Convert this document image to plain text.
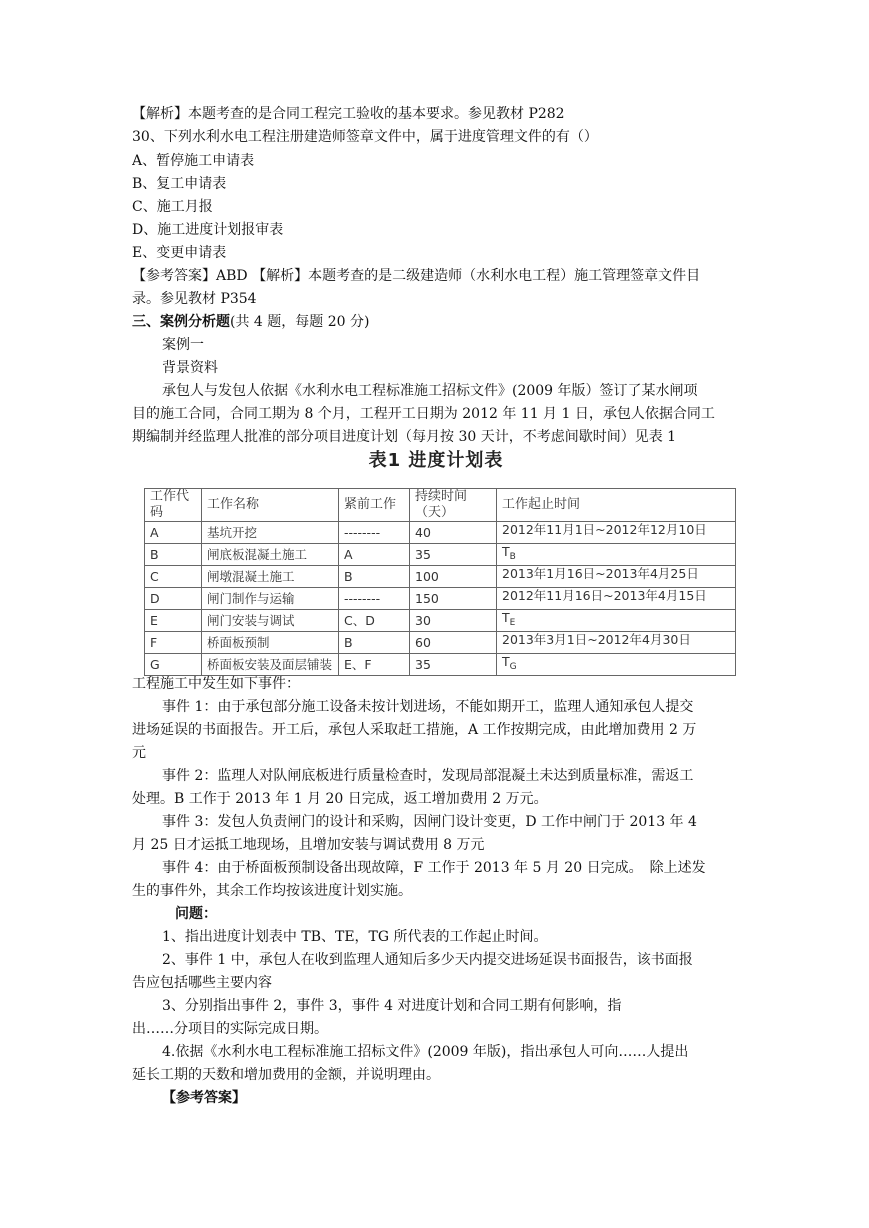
【解析】本题考查的是合同工程完工验收的基本要求。参见教材 P282
30、下列水利水电工程注册建造师签章文件中，属于进度管理文件的有（）
A、暂停施工申请表
B、复工申请表
C、施工月报
D、施工进度计划报审表
E、变更申请表
【参考答案】ABD 【解析】本题考查的是二级建造师（水利水电工程）施工管理签章文件目
录。参见教材 P354
三、案例分析题(共 4 题，每题 20 分)
案例一
背景资料
承包人与发包人依据《水利水电工程标准施工招标文件》(2009 年版）签订了某水闸项
目的施工合同，合同工期为 8 个月，工程开工日期为 2012 年 11 月 1 日，承包人依据合同工
期编制并经监理人批准的部分项目进度计划（每月按 30 天计，不考虑间歇时间）见表 1
表1 进度计划表
工作代码	工作名称	紧前工作	持续时间（天）	工作起止时间
A	基坑开挖	--------	40	2012年11月1日~2012年12月10日
B	闸底板混凝土施工	A	35	$T_B$
C	闸墩混凝土施工	B	100	2013年1月16日~2013年4月25日
D	闸门制作与运输	--------	150	2012年11月16日~2013年4月15日
E	闸门安装与调试	C、D	30	$T_E$
F	桥面板预制	B	60	2013年3月1日~2012年4月30日
G	桥面板安装及面层铺装	E、F	35	$T_G$
工程施工中发生如下事件：
事件 1：由于承包部分施工设备未按计划进场，不能如期开工，监理人通知承包人提交
进场延误的书面报告。开工后，承包人采取赶工措施，A 工作按期完成，由此增加费用 2 万
元
事件 2：监理人对队闸底板进行质量检查时，发现局部混凝土未达到质量标准，需返工
处理。B 工作于 2013 年 1 月 20 日完成，返工增加费用 2 万元。
事件 3：发包人负责闸门的设计和采购，因闸门设计变更，D 工作中闸门于 2013 年 4
月 25 日才运抵工地现场，且增加安装与调试费用 8 万元
事件 4：由于桥面板预制设备出现故障，F 工作于 2013 年 5 月 20 日完成。　除上述发
生的事件外，其余工作均按该进度计划实施。
问题：
1、指出进度计划表中 TB、TE，TG 所代表的工作起止时间。
2、事件 1 中，承包人在收到监理人通知后多少天内提交进场延误书面报告，该书面报
告应包括哪些主要内容
3、分别指出事件 2，事件 3，事件 4 对进度计划和合同工期有何影响，指
出……分项目的实际完成日期。
4.依据《水利水电工程标准施工招标文件》(2009 年版)，指出承包人可向……人提出
延长工期的天数和增加费用的金额，并说明理由。
【参考答案】
